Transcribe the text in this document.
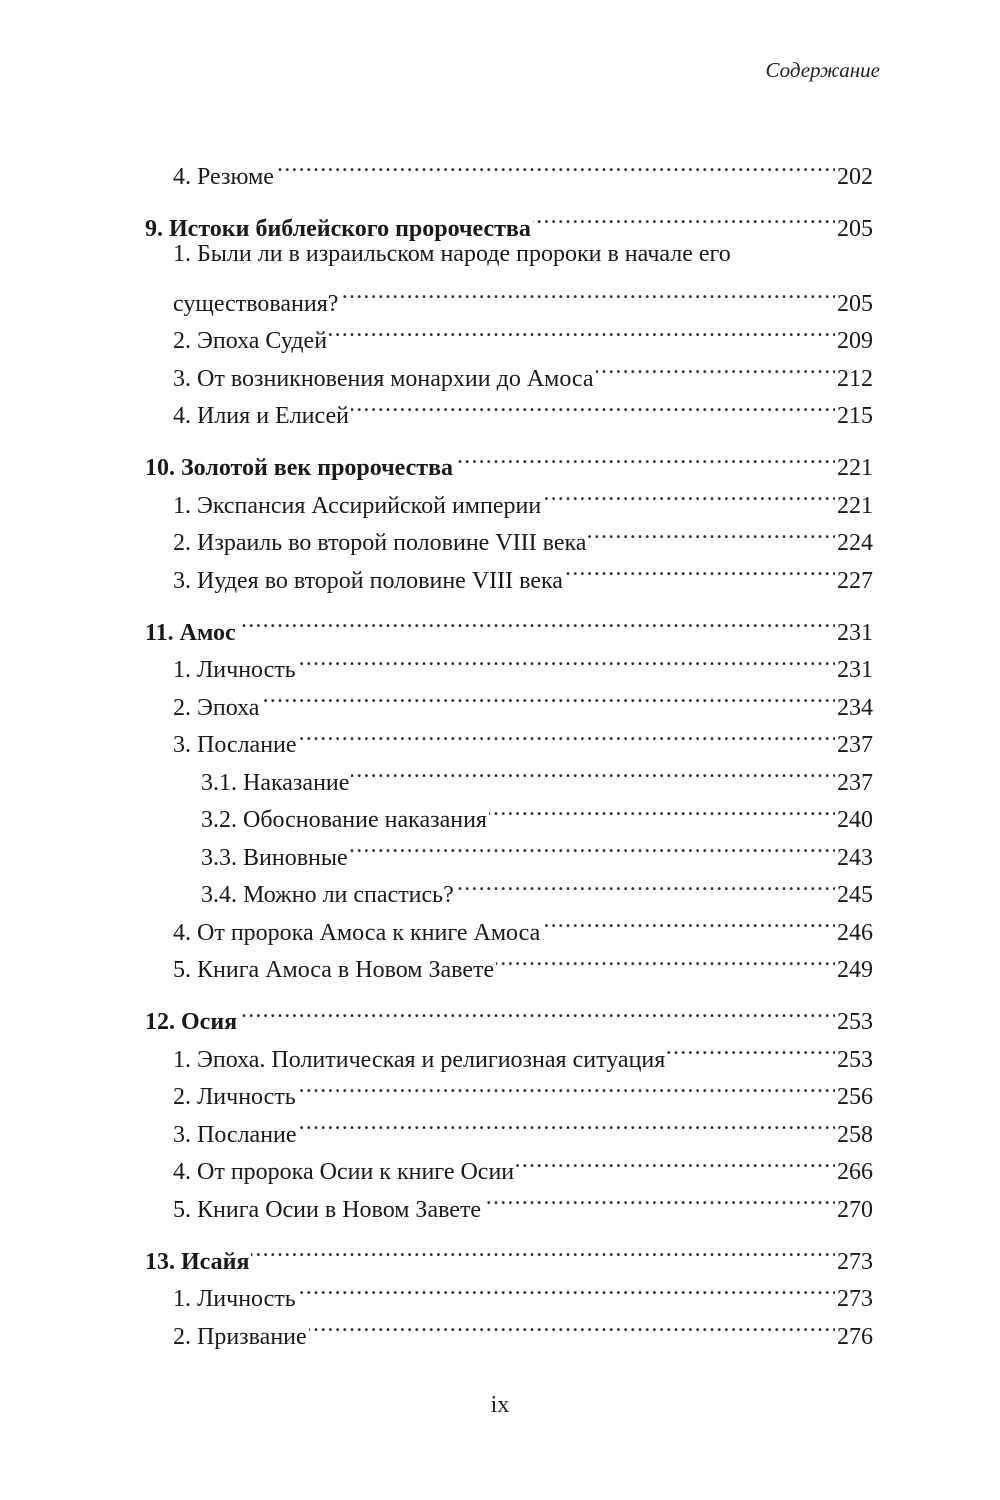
Содержание
4. Резюме . . .	202
9. Истоки библейского пророчества . . .	205
1. Были ли в израильском народе пророки в начале его
существования? . . .	205
2. Эпоха Судей . . .	209
3. От возникновения монархии до Амоса . . .	212
4. Илия и Елисей . . .	215
10. Золотой век пророчества . . .	221
1. Экспансия Ассирийской империи . . .	221
2. Израиль во второй половине VIII века . . .	224
3. Иудея во второй половине VIII века . . .	227
11. Амос . . .	231
1. Личность . . .	231
2. Эпоха . . .	234
3. Послание . . .	237
3.1. Наказание . . .	237
3.2. Обоснование наказания . . .	240
3.3. Виновные . . .	243
3.4. Можно ли спастись? . . .	245
4. От пророка Амоса к книге Амоса . . .	246
5. Книга Амоса в Новом Завете . . .	249
12. Осия . . .	253
1. Эпоха. Политическая и религиозная ситуация . . .	253
2. Личность . . .	256
3. Послание . . .	258
4. От пророка Осии к книге Осии . . .	266
5. Книга Осии в Новом Завете . . .	270
13. Исайя . . .	273
1. Личность . . .	273
2. Призвание . . .	276
ix
